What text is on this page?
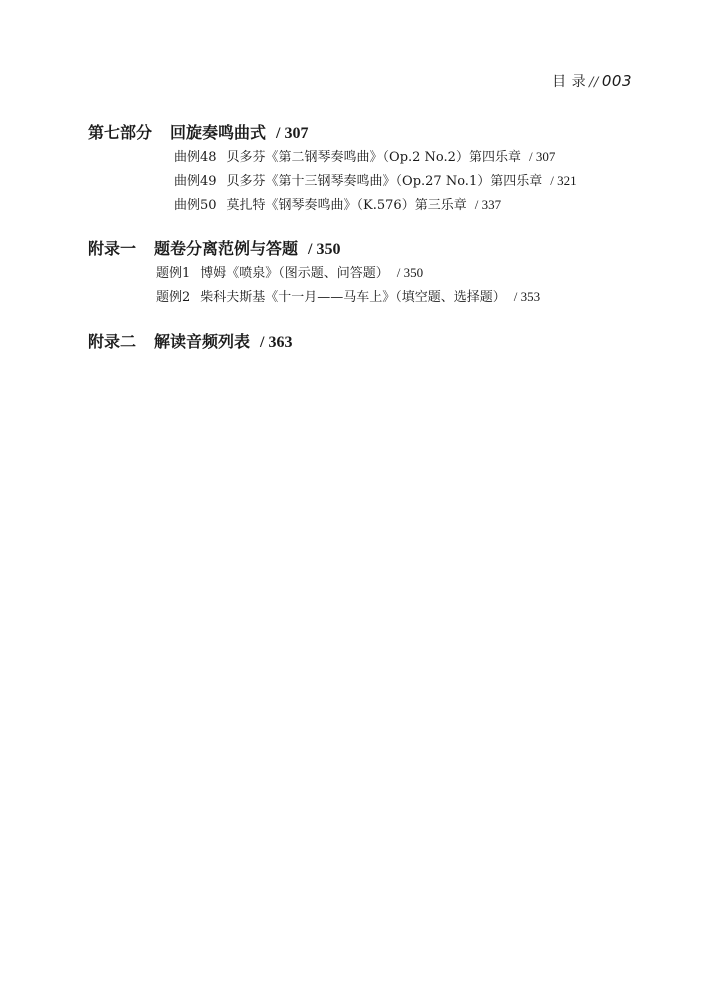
目 录 ∕∕ 003
第七部分 回旋奏鸣曲式 / 307
曲例48 贝多芬《第二钢琴奏鸣曲》（Op.2 No.2）第四乐章 / 307
曲例49 贝多芬《第十三钢琴奏鸣曲》（Op.27 No.1）第四乐章 / 321
曲例50 莫扎特《钢琴奏鸣曲》（K.576）第三乐章 / 337
附录一 题卷分离范例与答题 / 350
题例1 博姆《喷泉》（图示题、问答题） / 350
题例2 柴科夫斯基《十一月——马车上》（填空题、选择题） / 353
附录二 解读音频列表 / 363
